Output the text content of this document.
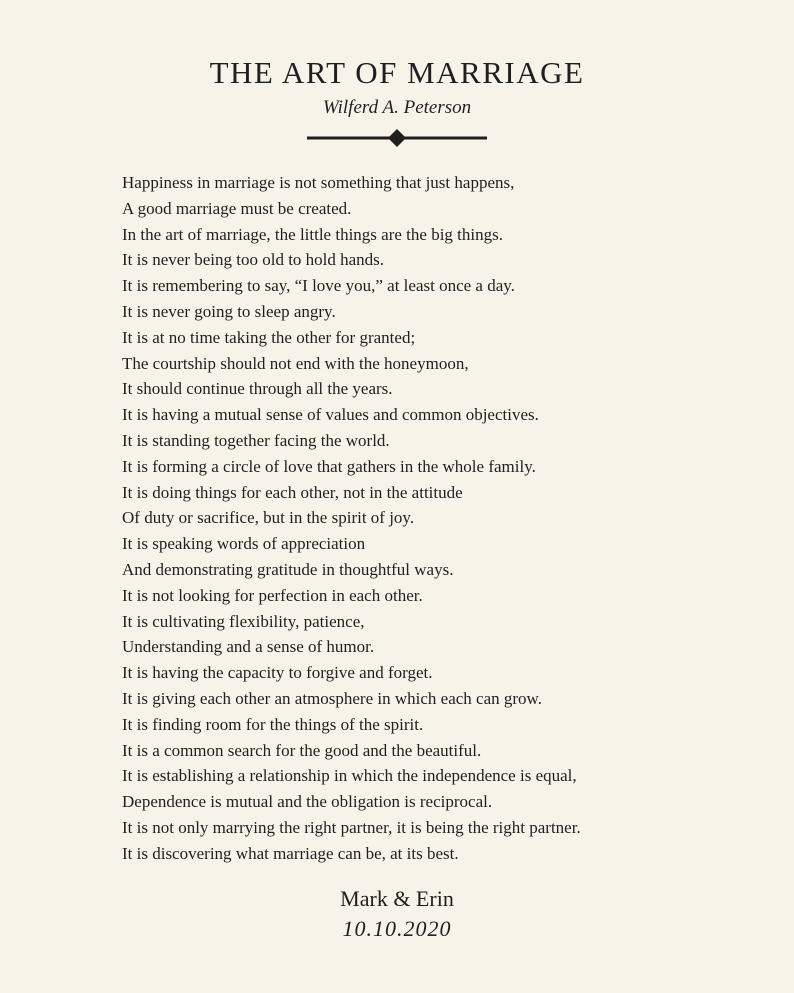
THE ART OF MARRIAGE
Wilferd A. Peterson
Happiness in marriage is not something that just happens,
A good marriage must be created.
In the art of marriage, the little things are the big things.
It is never being too old to hold hands.
It is remembering to say, “I love you,” at least once a day.
It is never going to sleep angry.
It is at no time taking the other for granted;
The courtship should not end with the honeymoon,
It should continue through all the years.
It is having a mutual sense of values and common objectives.
It is standing together facing the world.
It is forming a circle of love that gathers in the whole family.
It is doing things for each other, not in the attitude
Of duty or sacrifice, but in the spirit of joy.
It is speaking words of appreciation
And demonstrating gratitude in thoughtful ways.
It is not looking for perfection in each other.
It is cultivating flexibility, patience,
Understanding and a sense of humor.
It is having the capacity to forgive and forget.
It is giving each other an atmosphere in which each can grow.
It is finding room for the things of the spirit.
It is a common search for the good and the beautiful.
It is establishing a relationship in which the independence is equal,
Dependence is mutual and the obligation is reciprocal.
It is not only marrying the right partner, it is being the right partner.
It is discovering what marriage can be, at its best.
Mark & Erin
10.10.2020
